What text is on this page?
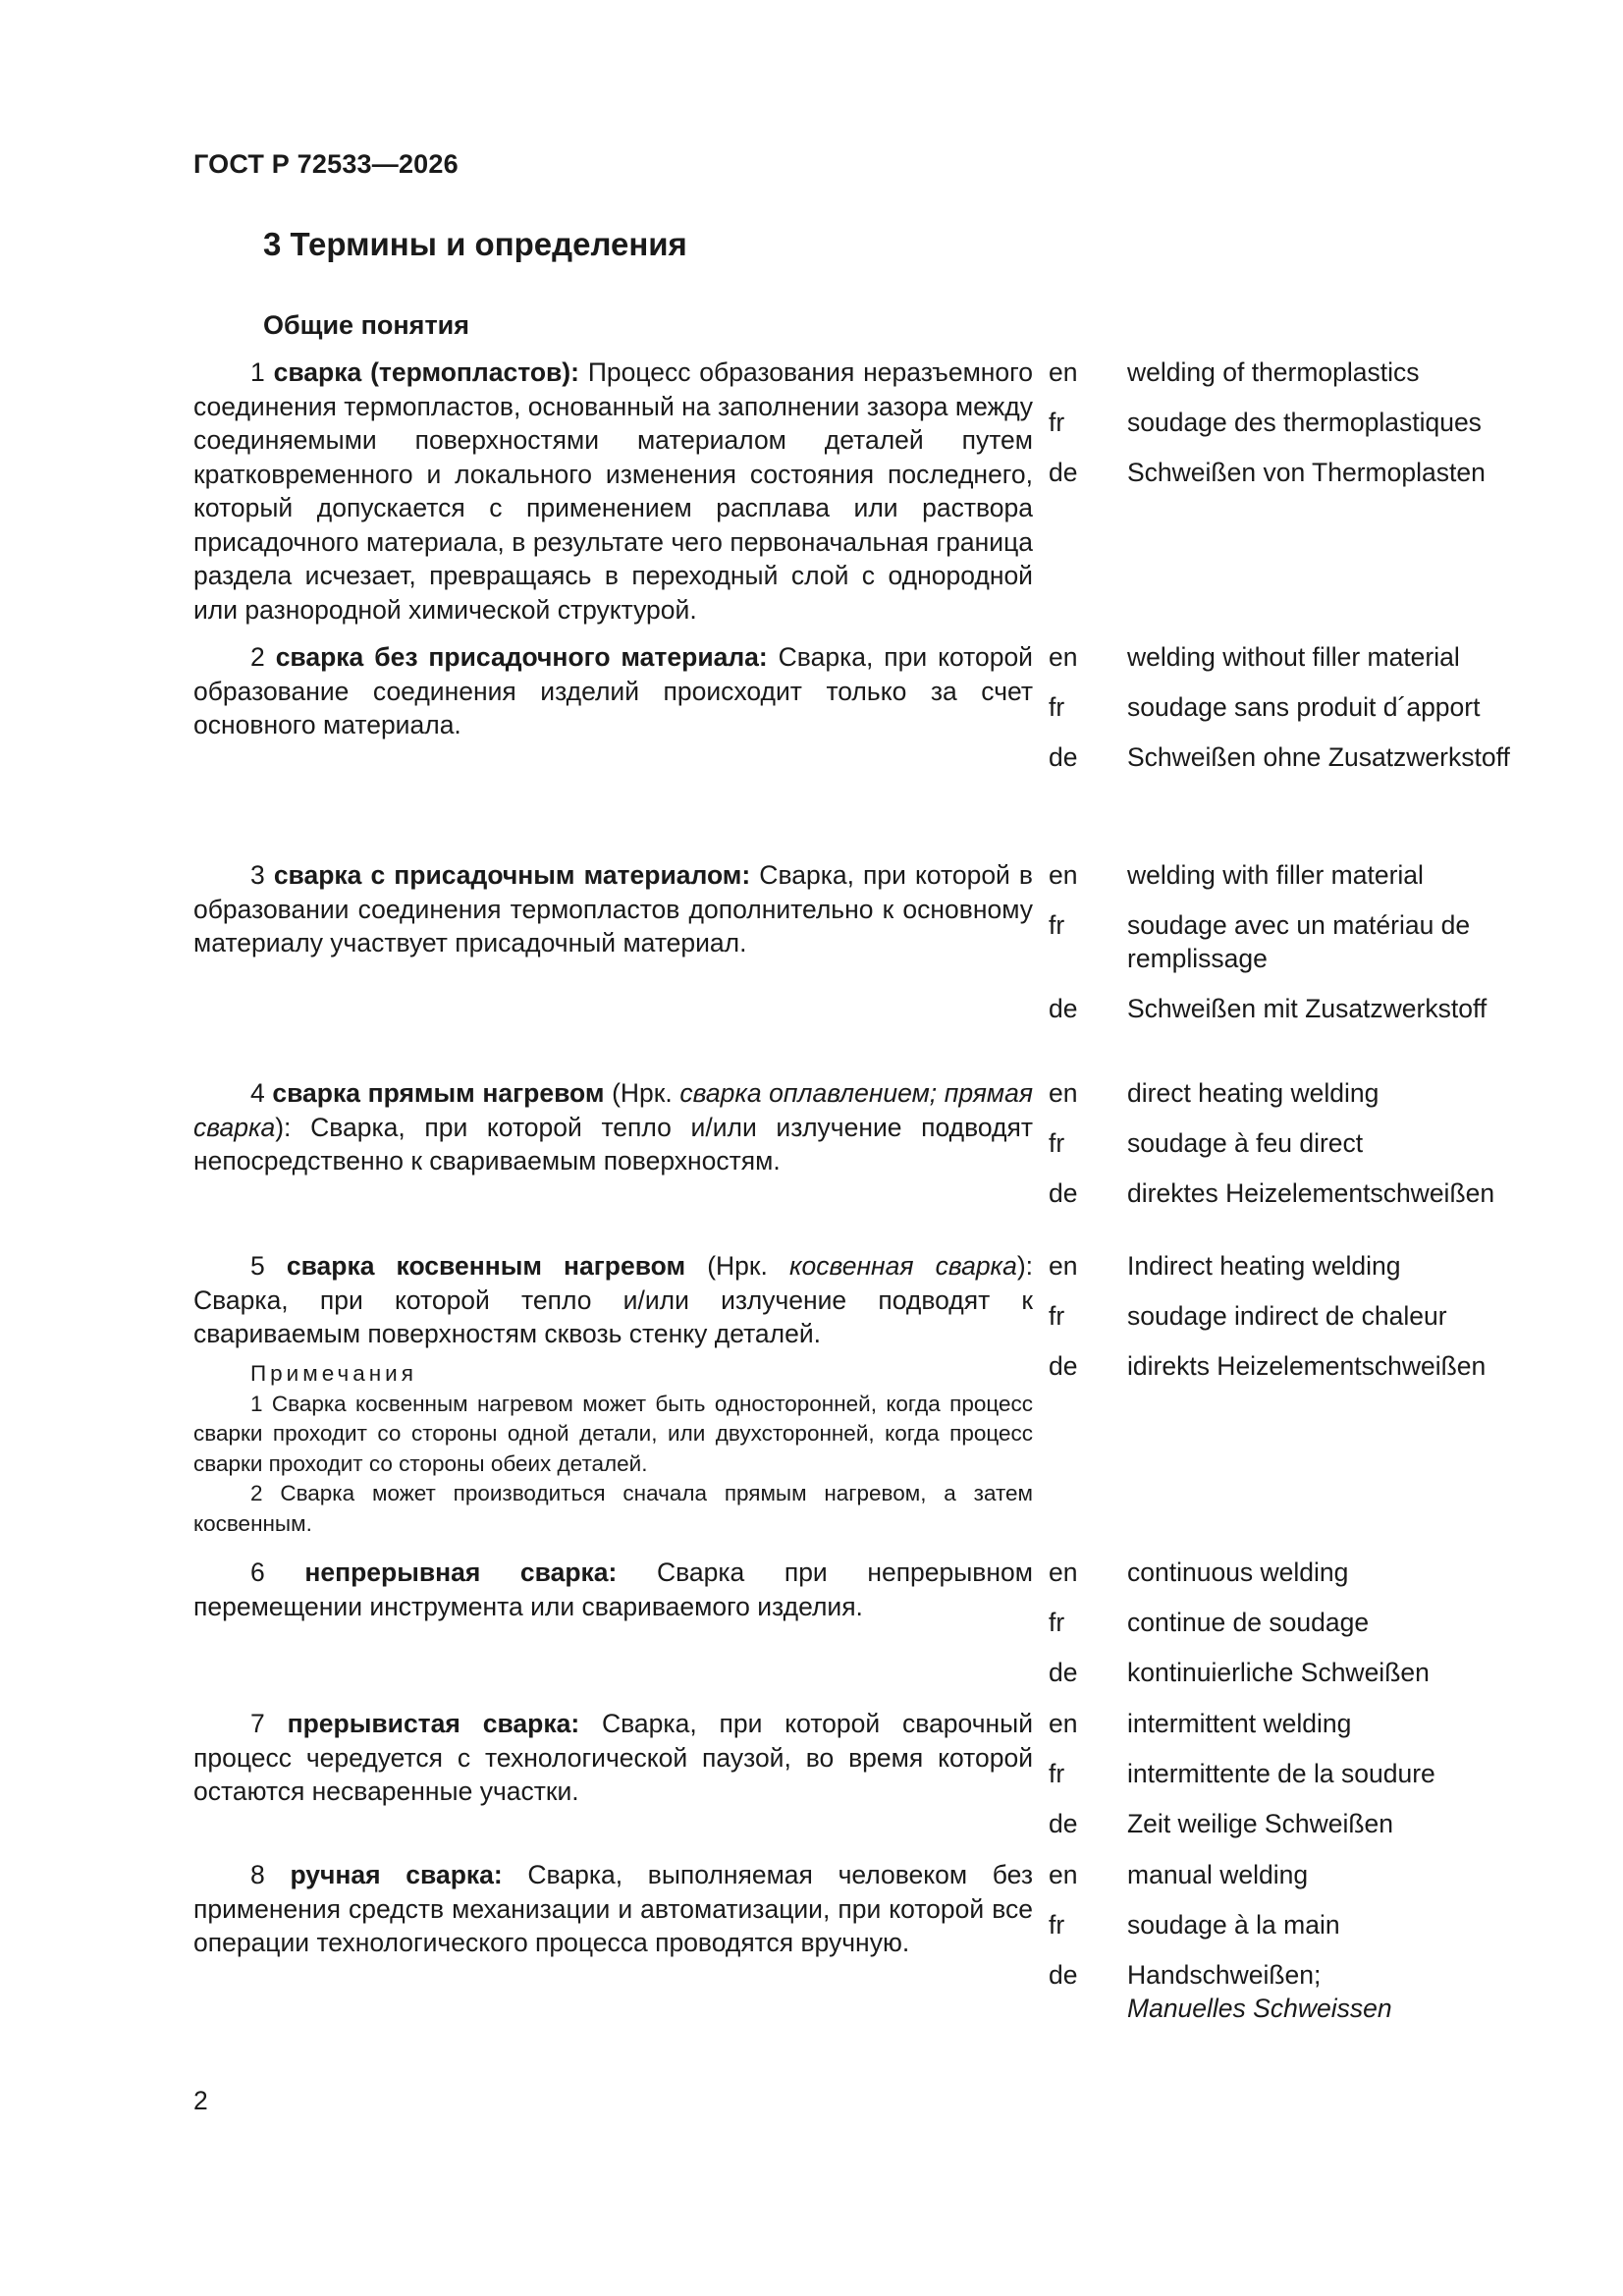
ГОСТ Р 72533—2026
3 Термины и определения
Общие понятия
1 сварка (термопластов): Процесс образования неразъемного соединения термопластов, основанный на заполнении зазора между соединяемыми поверхностями материалом деталей путем кратковременного и локального изменения состояния последнего, который допускается с применением расплава или раствора присадочного материала, в результате чего первоначальная граница раздела исчезает, превращаясь в переходный слой с однородной или разнородной химической структурой.
en	welding of thermoplastics
fr	soudage des thermoplastiques
de	Schweißen von Thermoplasten
2 сварка без присадочного материала: Сварка, при которой образование соединения изделий происходит только за счет основного материала.
en	welding without filler material
fr	soudage sans produit d´apport
de	Schweißen ohne Zusatzwerkstoff
3 сварка с присадочным материалом: Сварка, при которой в образовании соединения термопластов дополнительно к основному материалу участвует присадочный материал.
en	welding with filler material
fr	soudage avec un matériau de remplissage
de	Schweißen mit Zusatzwerkstoff
4 сварка прямым нагревом (Нрк. сварка оплавлением; прямая сварка): Сварка, при которой тепло и/или излучение подводят непосредственно к свариваемым поверхностям.
en	direct heating welding
fr	soudage à feu direct
de	direktes Heizelementschweißen
5 сварка косвенным нагревом (Нрк. косвенная сварка): Сварка, при которой тепло и/или излучение подводят к свариваемым поверхностям сквозь стенку деталей.
Примечания
1 Сварка косвенным нагревом может быть односторонней, когда процесс сварки проходит со стороны одной детали, или двухсторонней, когда процесс сварки проходит со стороны обеих деталей.
2 Сварка может производиться сначала прямым нагревом, а затем косвенным.
en	Indirect heating welding
fr	soudage indirect de chaleur
de	idirekts Heizelementschweißen
6 непрерывная сварка: Сварка при непрерывном перемещении инструмента или свариваемого изделия.
en	continuous welding
fr	continue de soudage
de	kontinuierliche Schweißen
7 прерывистая сварка: Сварка, при которой сварочный процесс чередуется с технологической паузой, во время которой остаются несваренные участки.
en	intermittent welding
fr	intermittente de la soudure
de	Zeit weilige Schweißen
8 ручная сварка: Сварка, выполняемая человеком без применения средств механизации и автоматизации, при которой все операции технологического процесса проводятся вручную.
en	manual welding
fr	soudage à la main
de	Handschweißen;
Manuelles Schweissen
2
